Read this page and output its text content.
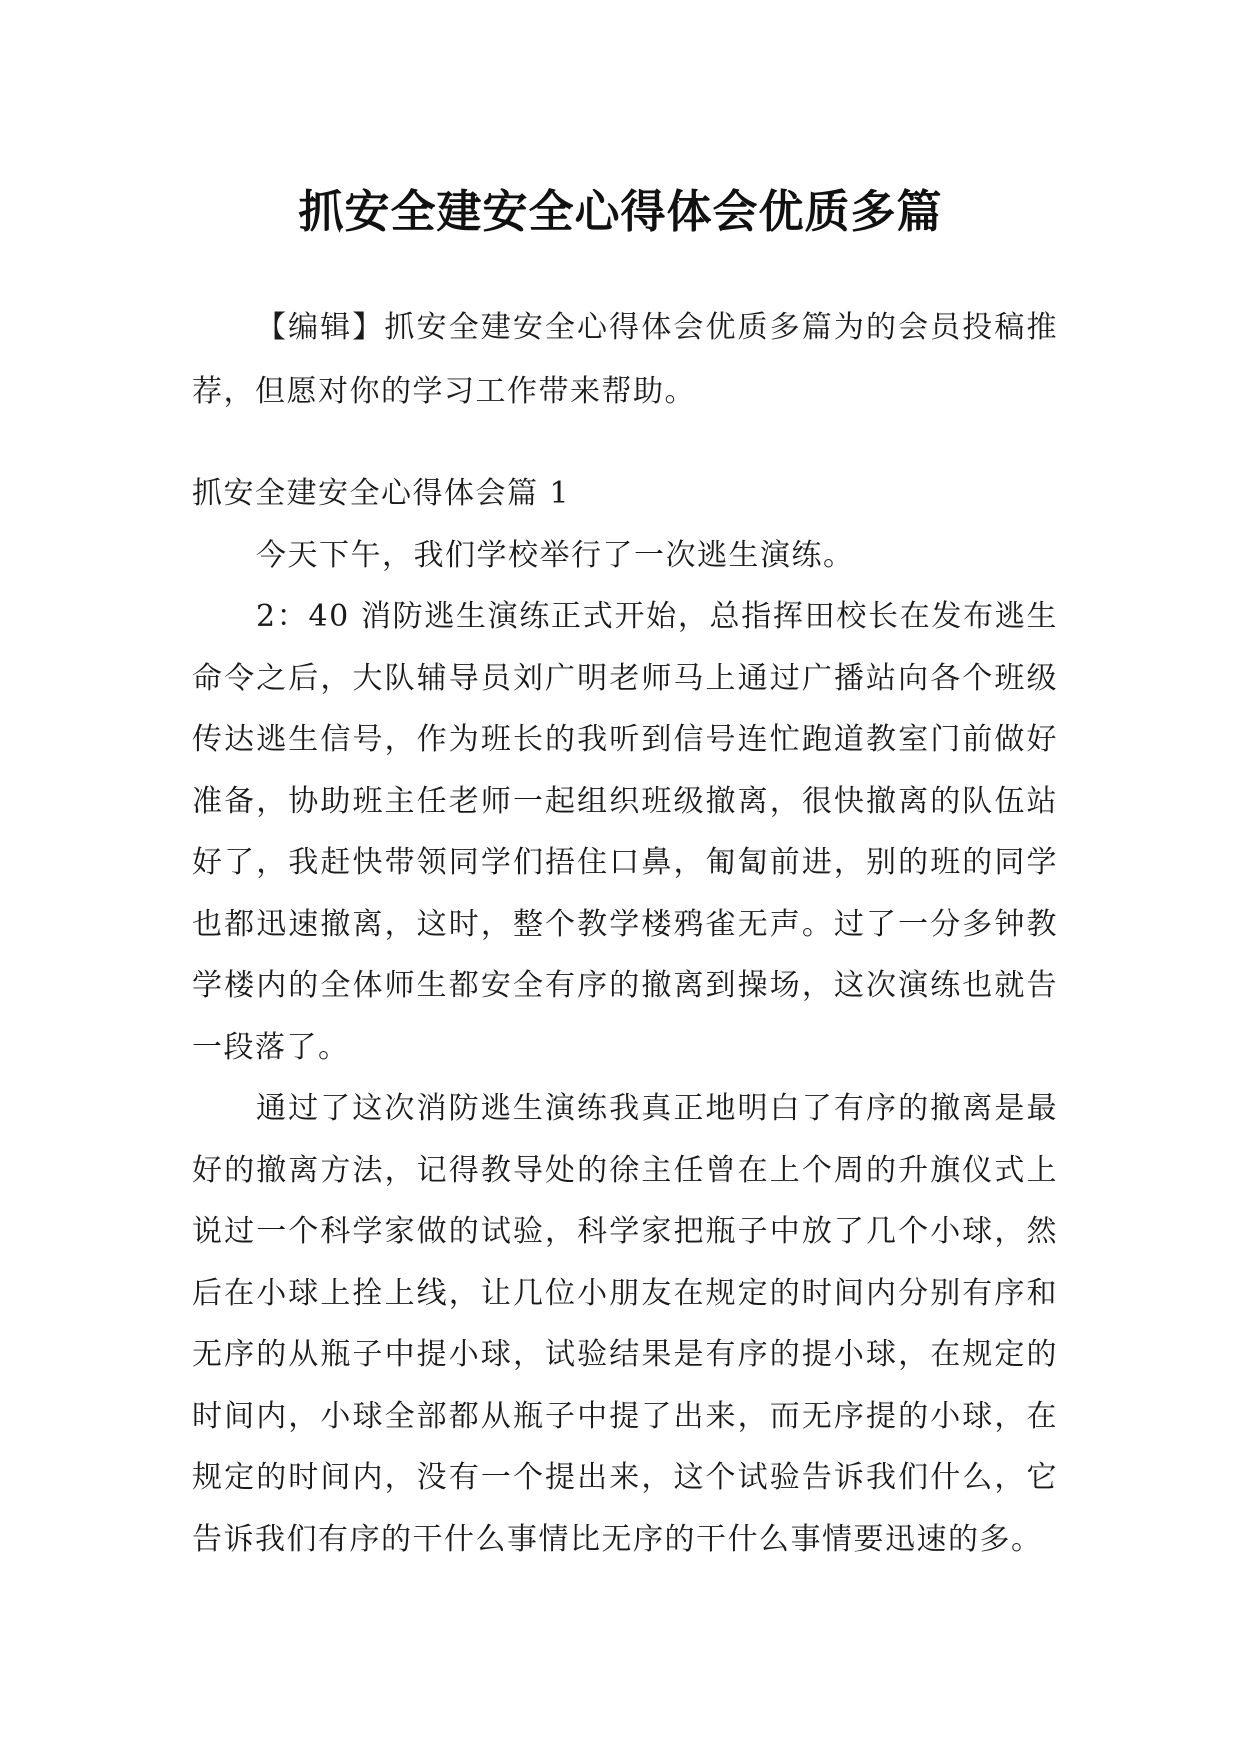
抓安全建安全心得体会优质多篇

【编辑】抓安全建安全心得体会优质多篇为的会员投稿推荐，但愿对你的学习工作带来帮助。

抓安全建安全心得体会篇 1

今天下午，我们学校举行了一次逃生演练。

2：40 消防逃生演练正式开始，总指挥田校长在发布逃生命令之后，大队辅导员刘广明老师马上通过广播站向各个班级传达逃生信号，作为班长的我听到信号连忙跑道教室门前做好准备，协助班主任老师一起组织班级撤离，很快撤离的队伍站好了，我赶快带领同学们捂住口鼻，匍匐前进，别的班的同学也都迅速撤离，这时，整个教学楼鸦雀无声。过了一分多钟教学楼内的全体师生都安全有序的撤离到操场，这次演练也就告一段落了。

通过了这次消防逃生演练我真正地明白了有序的撤离是最好的撤离方法，记得教导处的徐主任曾在上个周的升旗仪式上说过一个科学家做的试验，科学家把瓶子中放了几个小球，然后在小球上拴上线，让几位小朋友在规定的时间内分别有序和无序的从瓶子中提小球，试验结果是有序的提小球，在规定的时间内，小球全部都从瓶子中提了出来，而无序提的小球，在规定的时间内，没有一个提出来，这个试验告诉我们什么，它告诉我们有序的干什么事情比无序的干什么事情要迅速的多。
